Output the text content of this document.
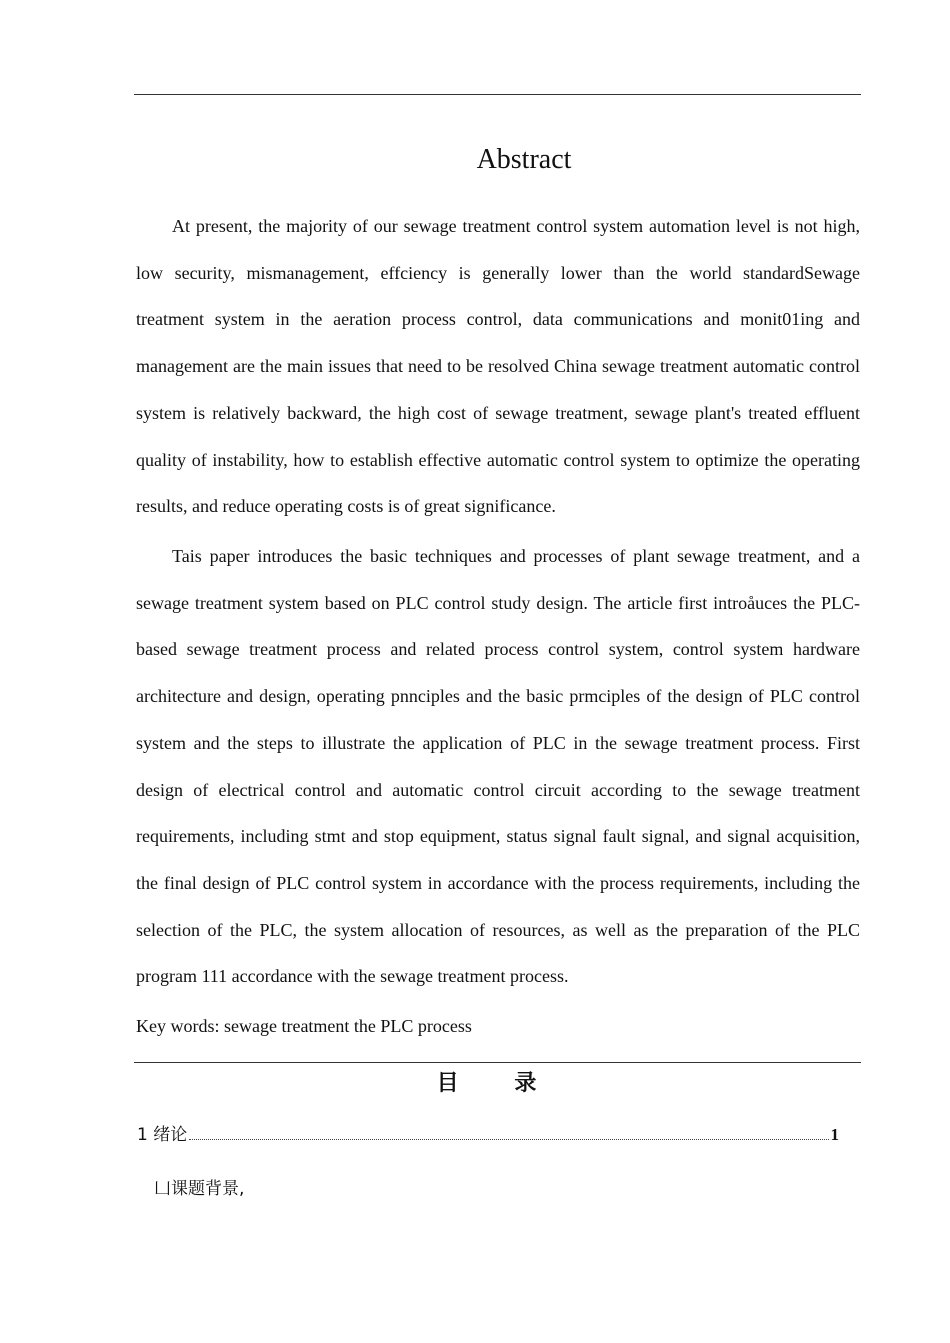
Abstract

At present, the majority of our sewage treatment control system automation level is not high, low security, mismanagement, effciency is generally lower than the world standardSewage treatment system in the aeration process control, data communications and monit01ing and management are the main issues that need to be resolved China sewage treatment automatic control system is relatively backward, the high cost of sewage treatment, sewage plant's treated effluent quality of instability, how to establish effective automatic control system to optimize the operating results, and reduce operating costs is of great significance.

Tais paper introduces the basic techniques and processes of plant sewage treatment, and a sewage treatment system based on PLC control study design. The article first introåuces the PLC-based sewage treatment process and related process control system, control system hardware architecture and design, operating pnnciples and the basic prmciples of the design of PLC control system and the steps to illustrate the application of PLC in the sewage treatment process. First design of electrical control and automatic control circuit according to the sewage treatment requirements, including stmt and stop equipment, status signal fault signal, and signal acquisition, the final design of PLC control system in accordance with the process requirements, including the selection of the PLC, the system allocation of resources, as well as the preparation of the PLC program 111 accordance with the sewage treatment process.

Key words: sewage treatment the PLC process

目 录
1 绪论	1

凵课题背景,
